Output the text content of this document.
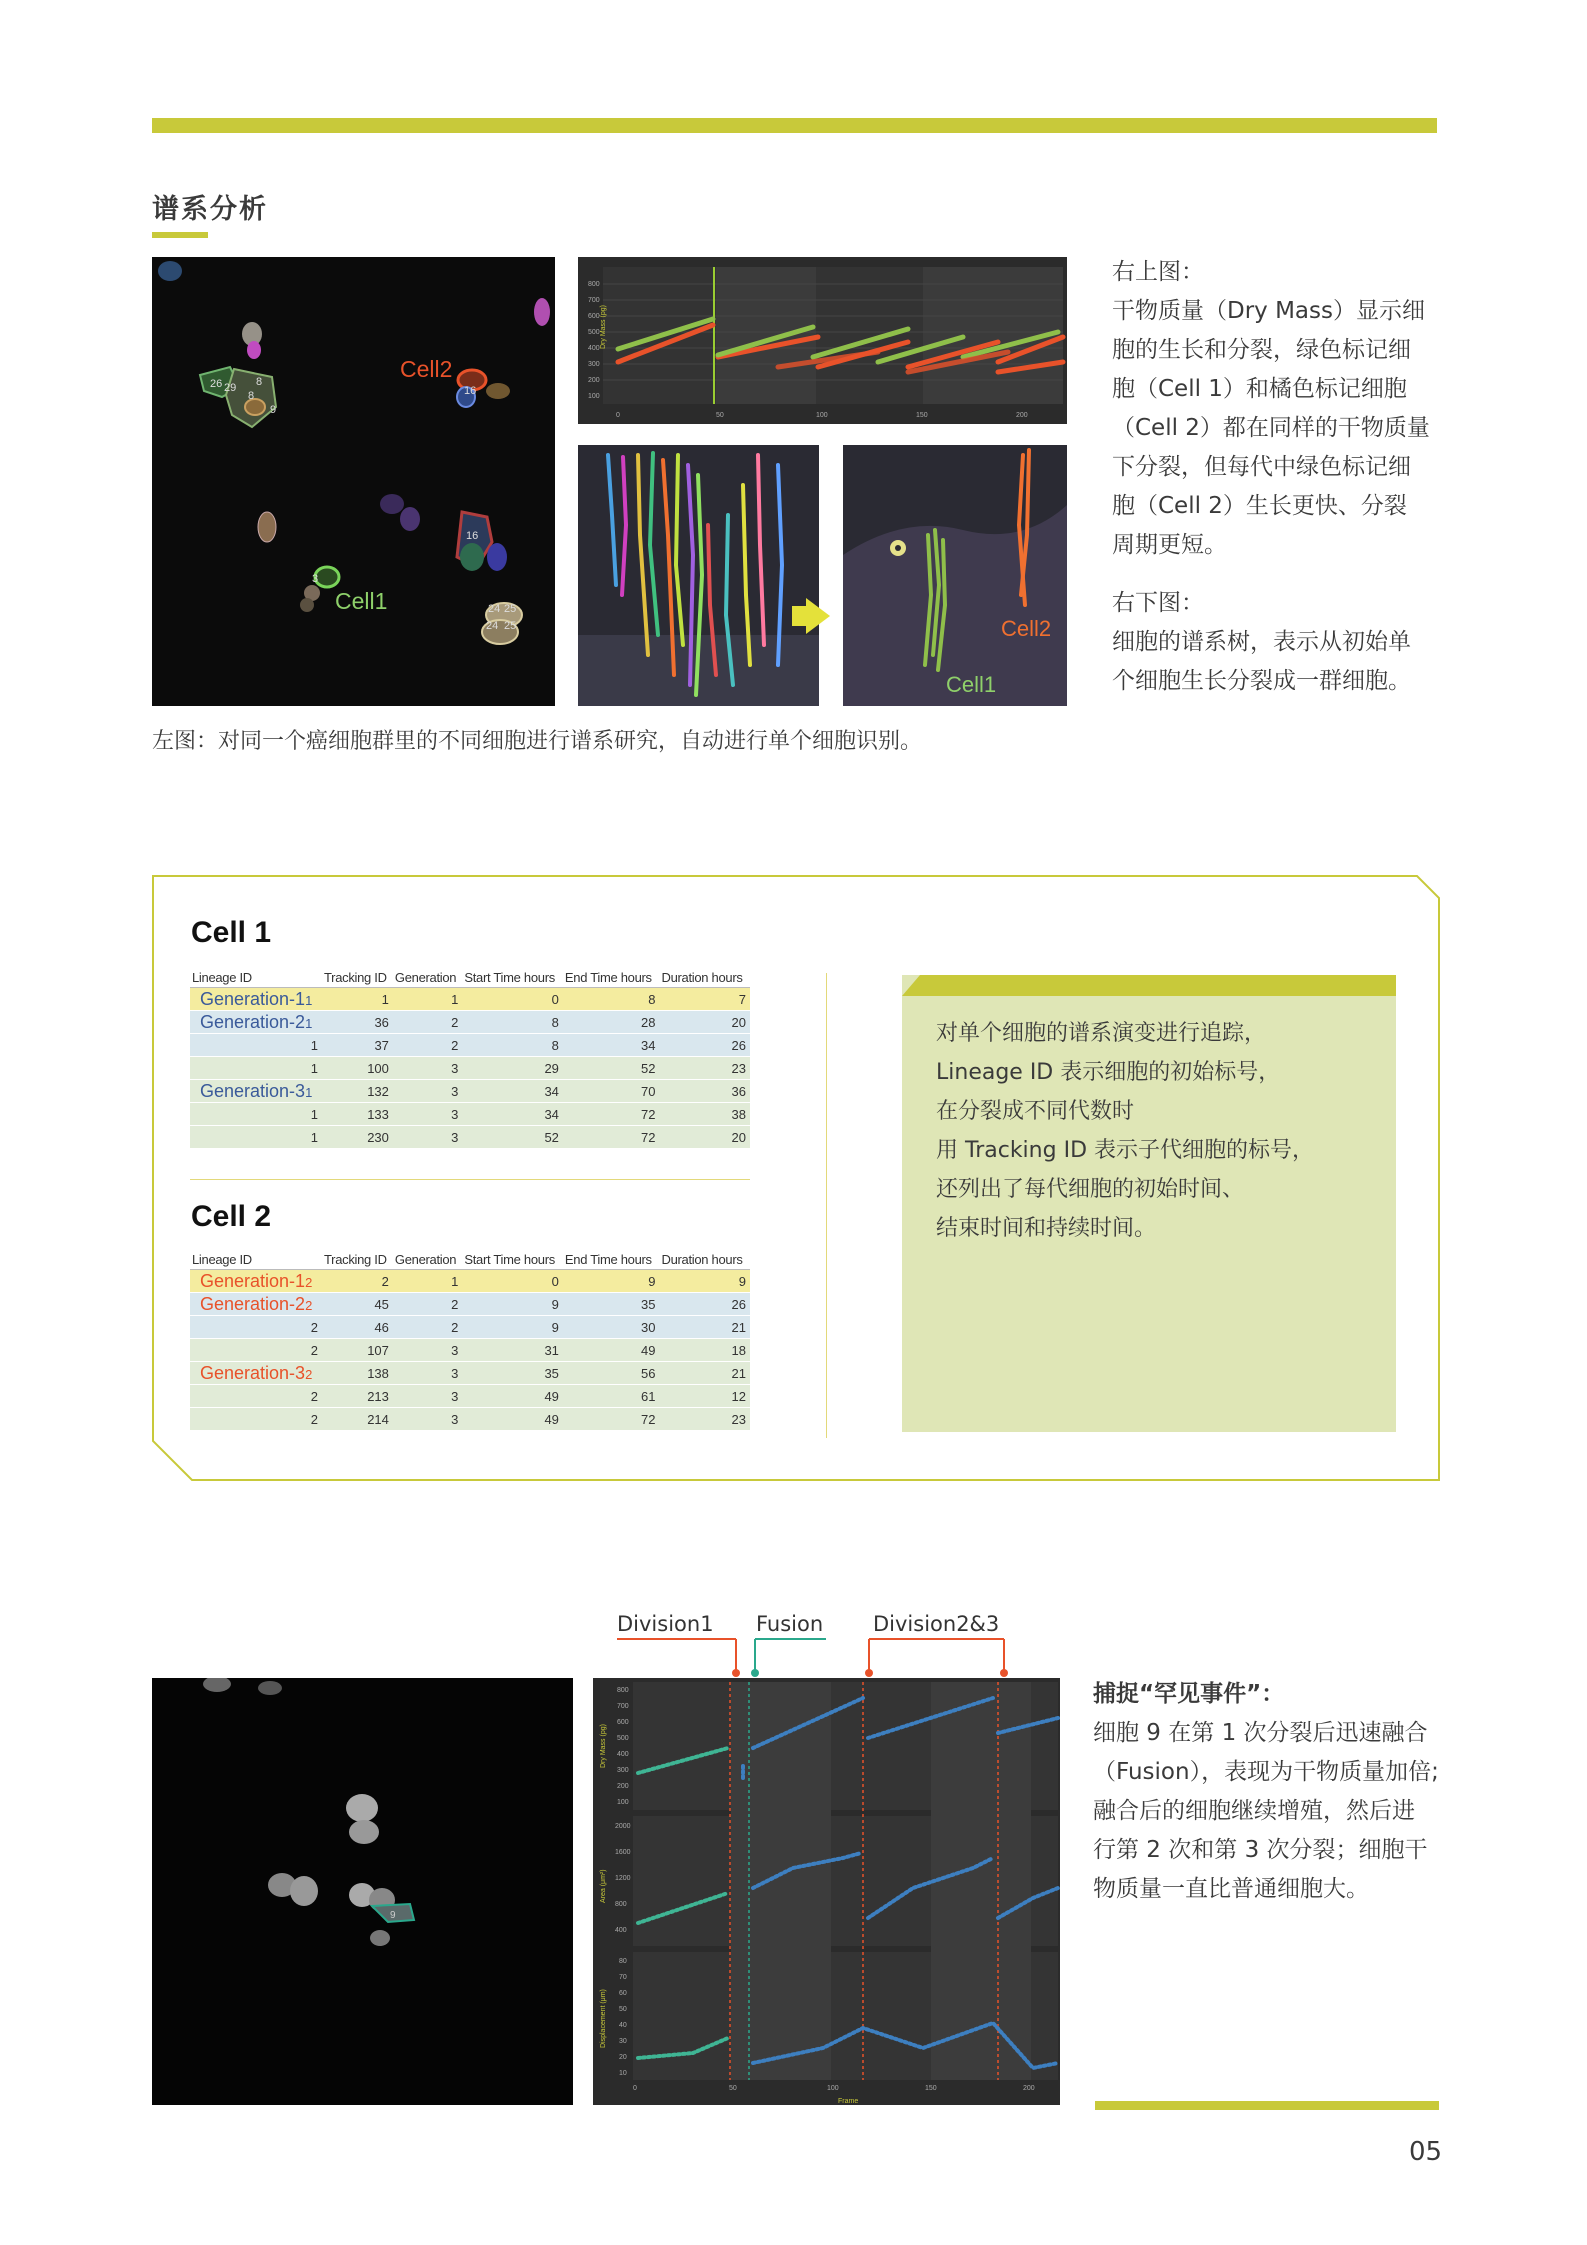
谱系分析
26 29 8
9
8	16
24 25
24 25
3
16
Cell2
Cell1
800
700
600
500
400
300
200
100
0	50	100	150	200
Dry Mass (pg)
Cell2
Cell1
右上图：
干物质量（Dry Mass）显示细
胞的生长和分裂，绿色标记细
胞（Cell 1）和橘色标记细胞
（Cell 2）都在同样的干物质量
下分裂，但每代中绿色标记细
胞（Cell 2）生长更快、分裂
周期更短。
右下图：
细胞的谱系树，表示从初始单
个细胞生长分裂成一群细胞。
左图：对同一个癌细胞群里的不同细胞进行谱系研究，自动进行单个细胞识别。
Cell 1
Lineage ID	Tracking ID	Generation	Start Time hours	End Time hours	Duration hours
Generation-11	1	1	0	8	7
Generation-21	36	2	8	28	20
1	37	2	8	34	26
1	100	3	29	52	23
Generation-31	132	3	34	70	36
1	133	3	34	72	38
1	230	3	52	72	20
Cell 2
Lineage ID	Tracking ID	Generation	Start Time hours	End Time hours	Duration hours
Generation-12	2	1	0	9	9
Generation-22	45	2	9	35	26
2	46	2	9	30	21
2	107	3	31	49	18
Generation-32	138	3	35	56	21
2	213	3	49	61	12
2	214	3	49	72	23
对单个细胞的谱系演变进行追踪，
Lineage ID 表示细胞的初始标号，
在分裂成不同代数时
用 Tracking ID 表示子代细胞的标号，
还列出了每代细胞的初始时间、
结束时间和持续时间。
Division1 Fusion Division2&3
9
800
700
600
500
400
300
200
100
2000
1600
1200
800
400
80
70
60
50
40
30
20
10
0	50	100	150	200
Frame
Dry Mass (pg)
Area (μm²)
Displacement (μm)
捕捉“罕见事件”：
细胞 9 在第 1 次分裂后迅速融合
（Fusion），表现为干物质量加倍;
融合后的细胞继续增殖，然后进
行第 2 次和第 3 次分裂；细胞干
物质量一直比普通细胞大。
05
